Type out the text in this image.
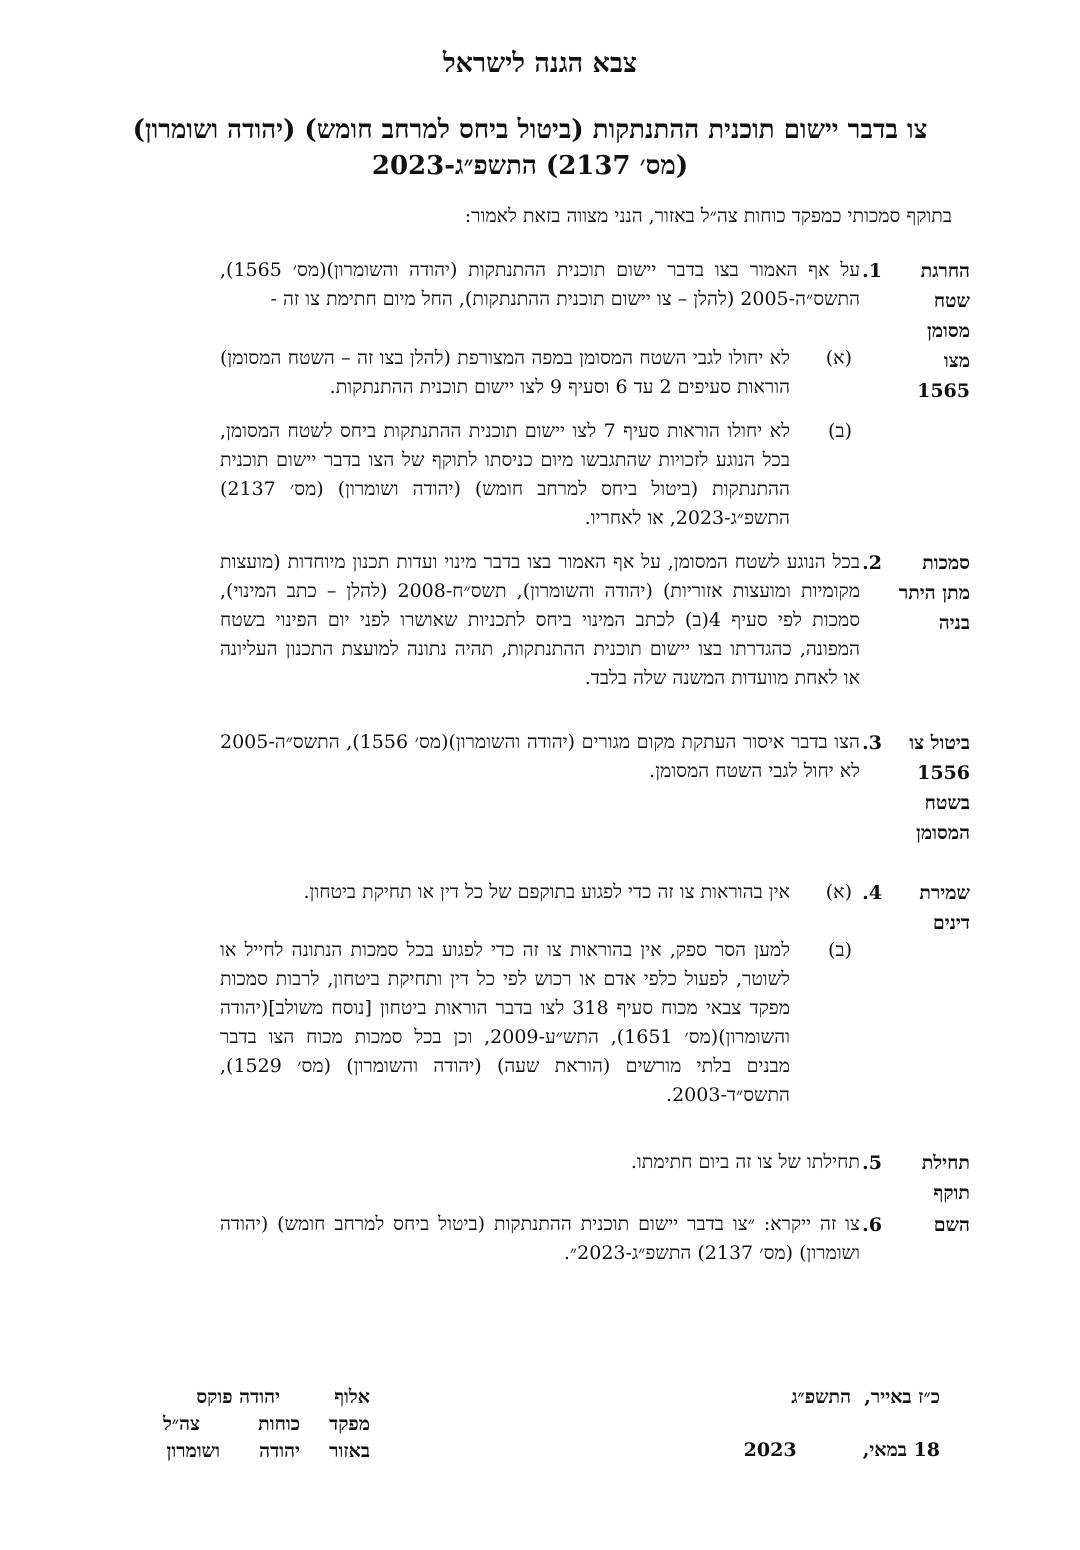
צבא הגנה לישראל
צו בדבר יישום תוכנית ההתנתקות (ביטול ביחס למרחב חומש) (יהודה ושומרון) (מס׳ 2137) התשפ״ג-2023
בתוקף סמכותי כמפקד כוחות צה״ל באזור, הנני מצווה בזאת לאמור:
החרגת שטח מסומן מצו 1565
1.
על אף האמור בצו בדבר יישום תוכנית ההתנתקות (יהודה והשומרון)(מס׳ 1565), התשס״ה-2005 (להלן – צו יישום תוכנית ההתנתקות), החל מיום חתימת צו זה -
(א)
לא יחולו לגבי השטח המסומן במפה המצורפת (להלן בצו זה – השטח המסומן) הוראות סעיפים 2 עד 6 וסעיף 9 לצו יישום תוכנית ההתנתקות.
(ב)
לא יחולו הוראות סעיף 7 לצו יישום תוכנית ההתנתקות ביחס לשטח המסומן, בכל הנוגע לזכויות שהתגבשו מיום כניסתו לתוקף של הצו בדבר יישום תוכנית ההתנתקות (ביטול ביחס למרחב חומש) (יהודה ושומרון) (מס׳ 2137) התשפ״ג-2023, או לאחריו.
סמכות מתן היתר בניה
2.
בכל הנוגע לשטח המסומן, על אף האמור בצו בדבר מינוי ועדות תכנון מיוחדות (מועצות מקומיות ומועצות אזוריות) (יהודה והשומרון), תשס״ח-2008 (להלן – כתב המינוי), סמכות לפי סעיף 4(ב) לכתב המינוי ביחס לתכניות שאושרו לפני יום הפינוי בשטח המפונה, כהגדרתו בצו יישום תוכנית ההתנתקות, תהיה נתונה למועצת התכנון העליונה או לאחת מוועדות המשנה שלה בלבד.
ביטול צו 1556 בשטח המסומן
3.
הצו בדבר איסור העתקת מקום מגורים (יהודה והשומרון)(מס׳ 1556), התשס״ה-2005 לא יחול לגבי השטח המסומן.
שמירת דינים
4.
(א)
אין בהוראות צו זה כדי לפגוע בתוקפם של כל דין או תחיקת ביטחון.
(ב)
למען הסר ספק, אין בהוראות צו זה כדי לפגוע בכל סמכות הנתונה לחייל או לשוטר, לפעול כלפי אדם או רכוש לפי כל דין ותחיקת ביטחון, לרבות סמכות מפקד צבאי מכוח סעיף 318 לצו בדבר הוראות ביטחון [נוסח משולב](יהודה והשומרון)(מס׳ 1651), התש״ע-2009, וכן בכל סמכות מכוח הצו בדבר מבנים בלתי מורשים (הוראת שעה) (יהודה והשומרון) (מס׳ 1529), התשס״ד-2003.
תחילת תוקף
5.
תחילתו של צו זה ביום חתימתו.
השם
6.
צו זה ייקרא: ״צו בדבר יישום תוכנית ההתנתקות (ביטול ביחס למרחב חומש) (יהודה ושומרון) (מס׳ 2137) התשפ״ג-2023״.
אלוף
יהודה פוקס
מפקד
כוחות
צה״ל
באזור
יהודה
ושומרון
כ״ז באייר,  התשפ״ג
18 במאי,          2023
